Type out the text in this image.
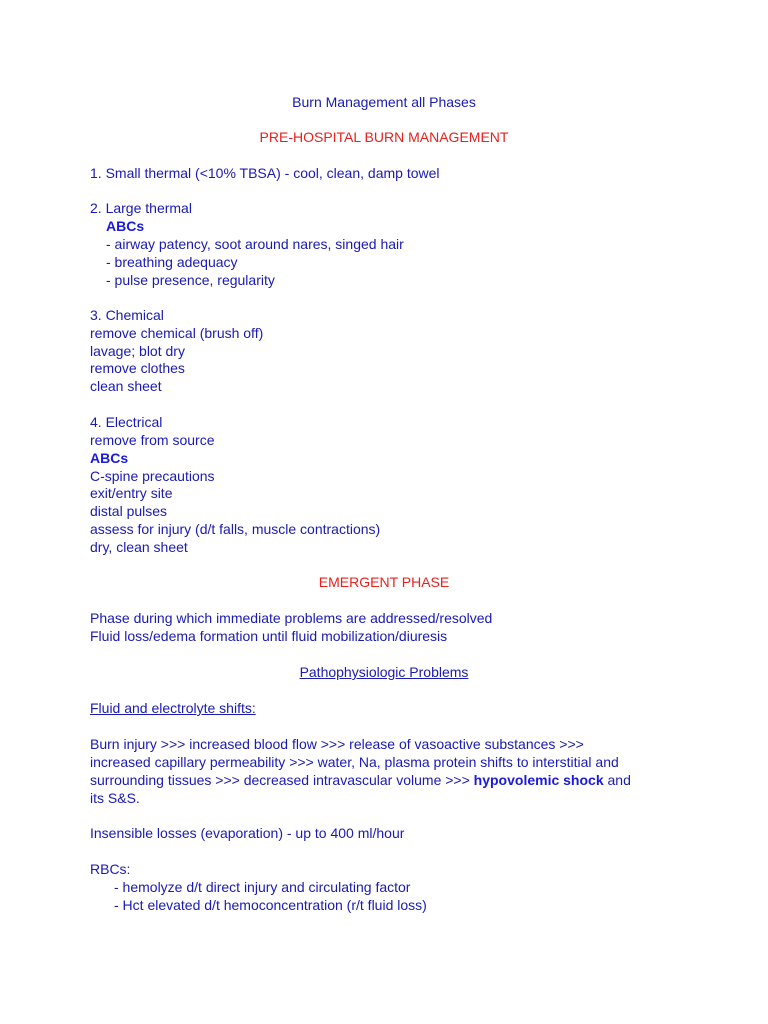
Burn Management all Phases
PRE-HOSPITAL BURN MANAGEMENT
1. Small thermal (<10% TBSA) - cool, clean, damp towel
2. Large thermal
ABCs
- airway patency, soot around nares, singed hair
- breathing adequacy
- pulse presence, regularity
3. Chemical
remove chemical (brush off)
lavage; blot dry
remove clothes
clean sheet
4. Electrical
remove from source
ABCs
C-spine precautions
exit/entry site
distal pulses
assess for injury (d/t falls, muscle contractions)
dry, clean sheet
EMERGENT PHASE
Phase during which immediate problems are addressed/resolved
Fluid loss/edema formation until fluid mobilization/diuresis
Pathophysiologic Problems
Fluid and electrolyte shifts:
Burn injury >>> increased blood flow >>> release of vasoactive substances >>>
increased capillary permeability >>> water, Na, plasma protein shifts to interstitial and
surrounding tissues >>> decreased intravascular volume >>> hypovolemic shock and
its S&S.
Insensible losses (evaporation) - up to 400 ml/hour
RBCs:
- hemolyze d/t direct injury and circulating factor
- Hct elevated d/t hemoconcentration (r/t fluid loss)
